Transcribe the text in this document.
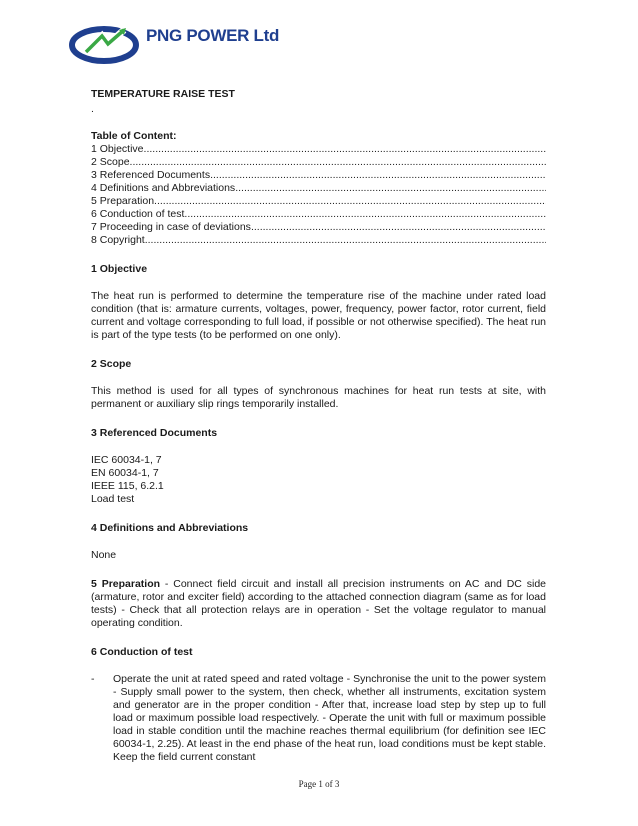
PNG POWER Ltd
TEMPERATURE RAISE TEST
.
Table of Content:
1 Objective
.....
2 Scope
.....
3 Referenced Documents
.....
4 Definitions and Abbreviations
.....
5 Preparation
.....
6 Conduction of test
.....
7 Proceeding in case of deviations
.....
8 Copyright
.....
1 Objective

The heat run is performed to determine the temperature rise of the machine under rated load condition (that is: armature currents, voltages, power, frequency, power factor, rotor current, field current and voltage corresponding to full load, if possible or not otherwise specified). The heat run is part of the type tests (to be performed on one only).

2 Scope

This method is used for all types of synchronous machines for heat run tests at site, with permanent or auxiliary slip rings temporarily installed.

3 Referenced Documents
IEC 60034-1, 7
EN 60034-1, 7
IEEE 115, 6.2.1
Load test
4 Definitions and Abbreviations

None

5 Preparation - Connect field circuit and install all precision instruments on AC and DC side (armature, rotor and exciter field) according to the attached connection diagram (same as for load tests) - Check that all protection relays are in operation - Set the voltage regulator to manual operating condition.

6 Conduction of test
-	Operate the unit at rated speed and rated voltage - Synchronise the unit to the power system - Supply small power to the system, then check, whether all instruments, excitation system and generator are in the proper condition - After that, increase load step by step up to full load or maximum possible load respectively. - Operate the unit with full or maximum possible load in stable condition until the machine reaches thermal equilibrium (for definition see IEC 60034-1, 2.25). At least in the end phase of the heat run, load conditions must be kept stable. Keep the field current constant
Page 1 of 3
